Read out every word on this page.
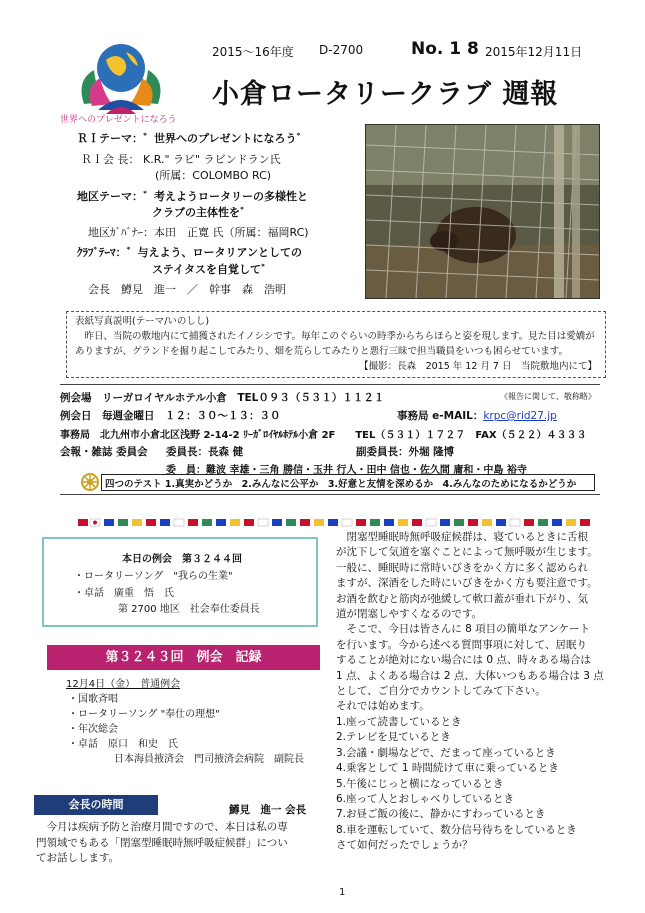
世界へのプレゼントになろう
2015～16年度 D-2700	No. 1 8 2015年12月11日
小倉ロータリークラブ 週報
ＲＩテーマ：゛世界へのプレゼントになろう゛
ＲＩ会 長： K.R." ラビ" ラビンドラン氏
(所属：COLOMBO RC)
地区テーマ：゛考えようロータリーの多様性と
クラブの主体性を゛
地区ｶﾞﾊﾞﾅｰ：本田　正寛 氏（所属：福岡RC)
ｸﾗﾌﾞﾃｰﾏ：゛与えよう、ロータリアンとしての
ステイタスを自覚して゛
会長　鱒見　進一　／　幹事　森　浩明
表紙写真説明(テーマ/いのしし)
昨日、当院の敷地内にて捕獲されたイノシシです。毎年このぐらいの時季からちらほらと姿を現します。見た目は愛嬌がありますが、グランドを掘り起こしてみたり、畑を荒らしてみたりと悪行三昧で担当職員をいつも困らせています。
【撮影：長森　2015 年 12 月 7 日　当院敷地内にて】
例会場　リーガロイヤルホテル小倉　TEL０９３（５３１）１１２１	《報告に関して、敬称略》
例会日　毎週金曜日　１２：３０～１３：３０	事務局 e-MAIL：krpc@rid27.jp
事務局　北九州市小倉北区浅野 2-14-2 ﾘｰｶﾞﾛｲﾔﾙﾎﾃﾙ小倉 2F　　TEL（５３１）１７２７　FAX（５２２）４３３３
会報・雑誌 委員会 委員長：長森 健	副委員長：外堀 隆博
委　員：難波 幸雄・三角 勝信・玉井 行人・田中 信也・佐久間 庸和・中島 裕寺
四つのテスト 1.真実かどうか　2.みんなに公平か　3.好意と友情を深めるか　4.みんなのためになるかどうか
本日の例会　第３２４４回
・ロータリーソング　"我らの生業"
・卓話　廣重　悟　氏
第 2700 地区　社会奉仕委員長
第３２４３回　例会　記録
12月4日（金）　普通例会
・国歌斉唱
・ロータリーソング "奉仕の理想"
・年次総会
・卓話　原口　和史　氏
日本海員掖済会　門司掖済会病院　副院長
会長の時間	鱒見　進一 会長
　今月は疾病予防と治療月間ですので、本日は私の専
門領域でもある「閉塞型睡眠時無呼吸症候群」につい
てお話しします。
閉塞型睡眠時無呼吸症候群は、寝ているときに舌根
が沈下して気道を塞ぐことによって無呼吸が生じます。
一般に、睡眠時に常時いびきをかく方に多く認められ
ますが、深酒をした時にいびきをかく方も要注意です。
お酒を飲むと筋肉が弛緩して軟口蓋が垂れ下がり、気
道が閉塞しやすくなるのです。
　そこで、今日は皆さんに 8 項目の簡単なアンケート
を行います。今から述べる質問事項に対して、居眠り
することが絶対にない場合には 0 点、時々ある場合は
1 点、よくある場合は 2 点、大体いつもある場合は 3 点
として、ご自分でカウントしてみて下さい。
それでは始めます。
1.座って読書しているとき
2.テレビを見ているとき
3.会議・劇場などで、だまって座っているとき
4.乗客として 1 時間続けて車に乗っているとき
5.午後にじっと横になっているとき
6.座って人とおしゃべりしているとき
7.お昼ご飯の後に、静かにすわっているとき
8.車を運転していて、数分信号待ちをしているとき
さて如何だったでしょうか？
1
